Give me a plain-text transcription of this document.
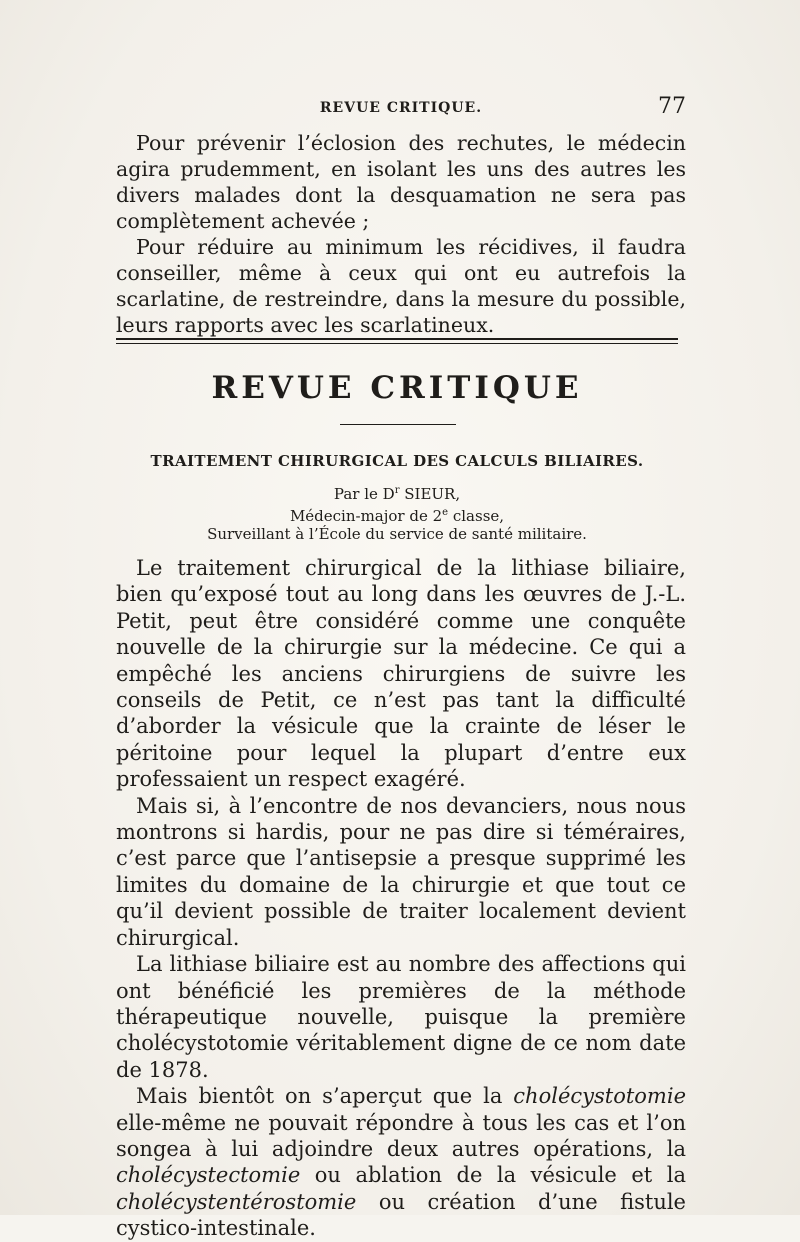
REVUE CRITIQUE.	77

Pour prévenir l’éclosion des rechutes, le médecin agira prudemment, en isolant les uns des autres les divers malades dont la desquamation ne sera pas complètement achevée ;

Pour réduire au minimum les récidives, il faudra conseiller, même à ceux qui ont eu autrefois la scarlatine, de restreindre, dans la mesure du possible, leurs rapports avec les scarlatineux.

REVUE CRITIQUE
TRAITEMENT CHIRURGICAL DES CALCULS BILIAIRES.
Par le $D^r$ SIEUR,
Médecin-major de 2e classe,
Surveillant à l’École du service de santé militaire.

Le traitement chirurgical de la lithiase biliaire, bien qu’exposé tout au long dans les œuvres de J.-L. Petit, peut être considéré comme une conquête nouvelle de la chirurgie sur la médecine. Ce qui a empêché les anciens chirurgiens de suivre les conseils de Petit, ce n’est pas tant la difficulté d’aborder la vésicule que la crainte de léser le péritoine pour lequel la plupart d’entre eux professaient un respect exagéré.

Mais si, à l’encontre de nos devanciers, nous nous montrons si hardis, pour ne pas dire si téméraires, c’est parce que l’antisepsie a presque supprimé les limites du domaine de la chirurgie et que tout ce qu’il devient possible de traiter localement devient chirurgical.

La lithiase biliaire est au nombre des affections qui ont bénéficié les premières de la méthode thérapeutique nouvelle, puisque la première cholécystotomie véritablement digne de ce nom date de 1878.

Mais bientôt on s’aperçut que la cholécystotomie elle-même ne pouvait répondre à tous les cas et l’on songea à lui adjoindre deux autres opérations, la cholécystectomie ou ablation de la vésicule et la cholécystentérostomie ou création d’une fistule cystico-intestinale.
